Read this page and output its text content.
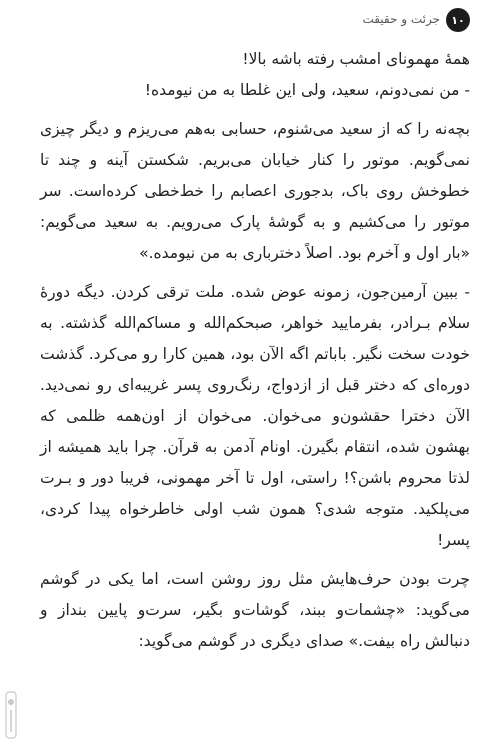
۱۰
جرئت و حقیقت

همهٔ مهمونای امشب رفته باشه بالا!

- من نمی‌دونم، سعید، ولی این غلطا به من نیومده!

بچه‌نه را که از سعید می‌شنوم، حسابی به‌هم می‌ریزم و دیگر چیزی نمی‌گویم. موتور را کنار خیابان می‌بریم. شکستن آینه و چند تا خطوخش روی باک، بدجوری اعصابم را خط‌خطی کرده‌است. سر موتور را می‌کشیم و به گوشهٔ پارک می‌رویم. به سعید می‌گویم: «بار اول و آخرم بود. اصلاً دخترباری به من نیومده.»

- ببین آرمین‌جون، زمونه عوض شده. ملت ترقی کردن. دیگه دورهٔ سلام بـرادر، بفرمایید خواهر، صبحکم‌الله و مساکم‌الله گذشته. به خودت سخت نگیر. باباتم اگه الآن بود، همین کارا رو می‌کرد. گذشت دوره‌ای که دختر قبل از ازدواج، رنگ‌روی پسر غریبه‌ای رو نمی‌دید. الآن دخترا حقشون‌و می‌خوان. می‌خوان از اون‌همه ظلمی که بهشون شده، انتقام بگیرن. اونام آدمن به قرآن. چرا باید همیشه از لذتا محروم باشن؟! راستی، اول تا آخر مهمونی، فریبا دور و بـرت می‌پلکید. متوجه شدی؟ همون شب اولی خاطرخواه پیدا کردی، پسر!

چرت بودن حرف‌هایش مثل روز روشن است، اما یکی در گوشم می‌گوید: «چشمات‌و ببند، گوشات‌و بگیر، سرت‌و پایین بنداز و دنبالش راه بیفت.» صدای دیگری در گوشم می‌گوید:
